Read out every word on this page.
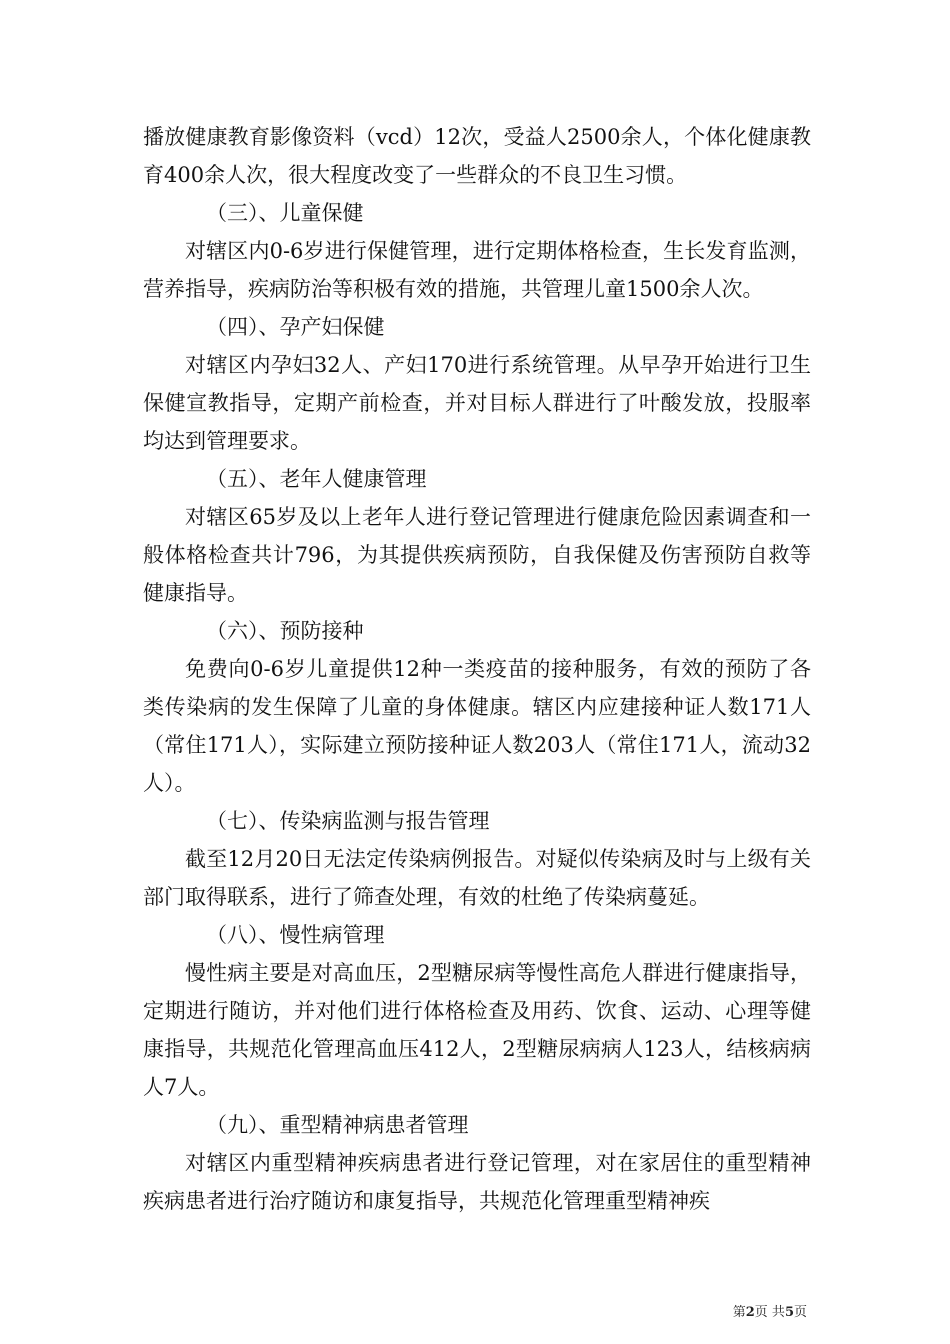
播放健康教育影像资料（vcd）12次，受益人2500余人，个体化健康教育400余人次，很大程度改变了一些群众的不良卫生习惯。

（三）、儿童保健

对辖区内0-6岁进行保健管理，进行定期体格检查，生长发育监测，营养指导，疾病防治等积极有效的措施，共管理儿童1500余人次。

（四）、孕产妇保健

对辖区内孕妇32人、产妇170进行系统管理。从早孕开始进行卫生保健宣教指导，定期产前检查，并对目标人群进行了叶酸发放，投服率均达到管理要求。

（五）、老年人健康管理

对辖区65岁及以上老年人进行登记管理进行健康危险因素调查和一般体格检查共计796，为其提供疾病预防，自我保健及伤害预防自救等健康指导。

（六）、预防接种

免费向0-6岁儿童提供12种一类疫苗的接种服务，有效的预防了各类传染病的发生保障了儿童的身体健康。辖区内应建接种证人数171人（常住171人），实际建立预防接种证人数203人（常住171人，流动32人）。

（七）、传染病监测与报告管理

截至12月20日无法定传染病例报告。对疑似传染病及时与上级有关部门取得联系，进行了筛查处理，有效的杜绝了传染病蔓延。

（八）、慢性病管理

慢性病主要是对高血压，2型糖尿病等慢性高危人群进行健康指导，定期进行随访，并对他们进行体格检查及用药、饮食、运动、心理等健康指导，共规范化管理高血压412人，2型糖尿病病人123人，结核病病人7人。

（九）、重型精神病患者管理

对辖区内重型精神疾病患者进行登记管理，对在家居住的重型精神疾病患者进行治疗随访和康复指导，共规范化管理重型精神疾

第2页 共5页
